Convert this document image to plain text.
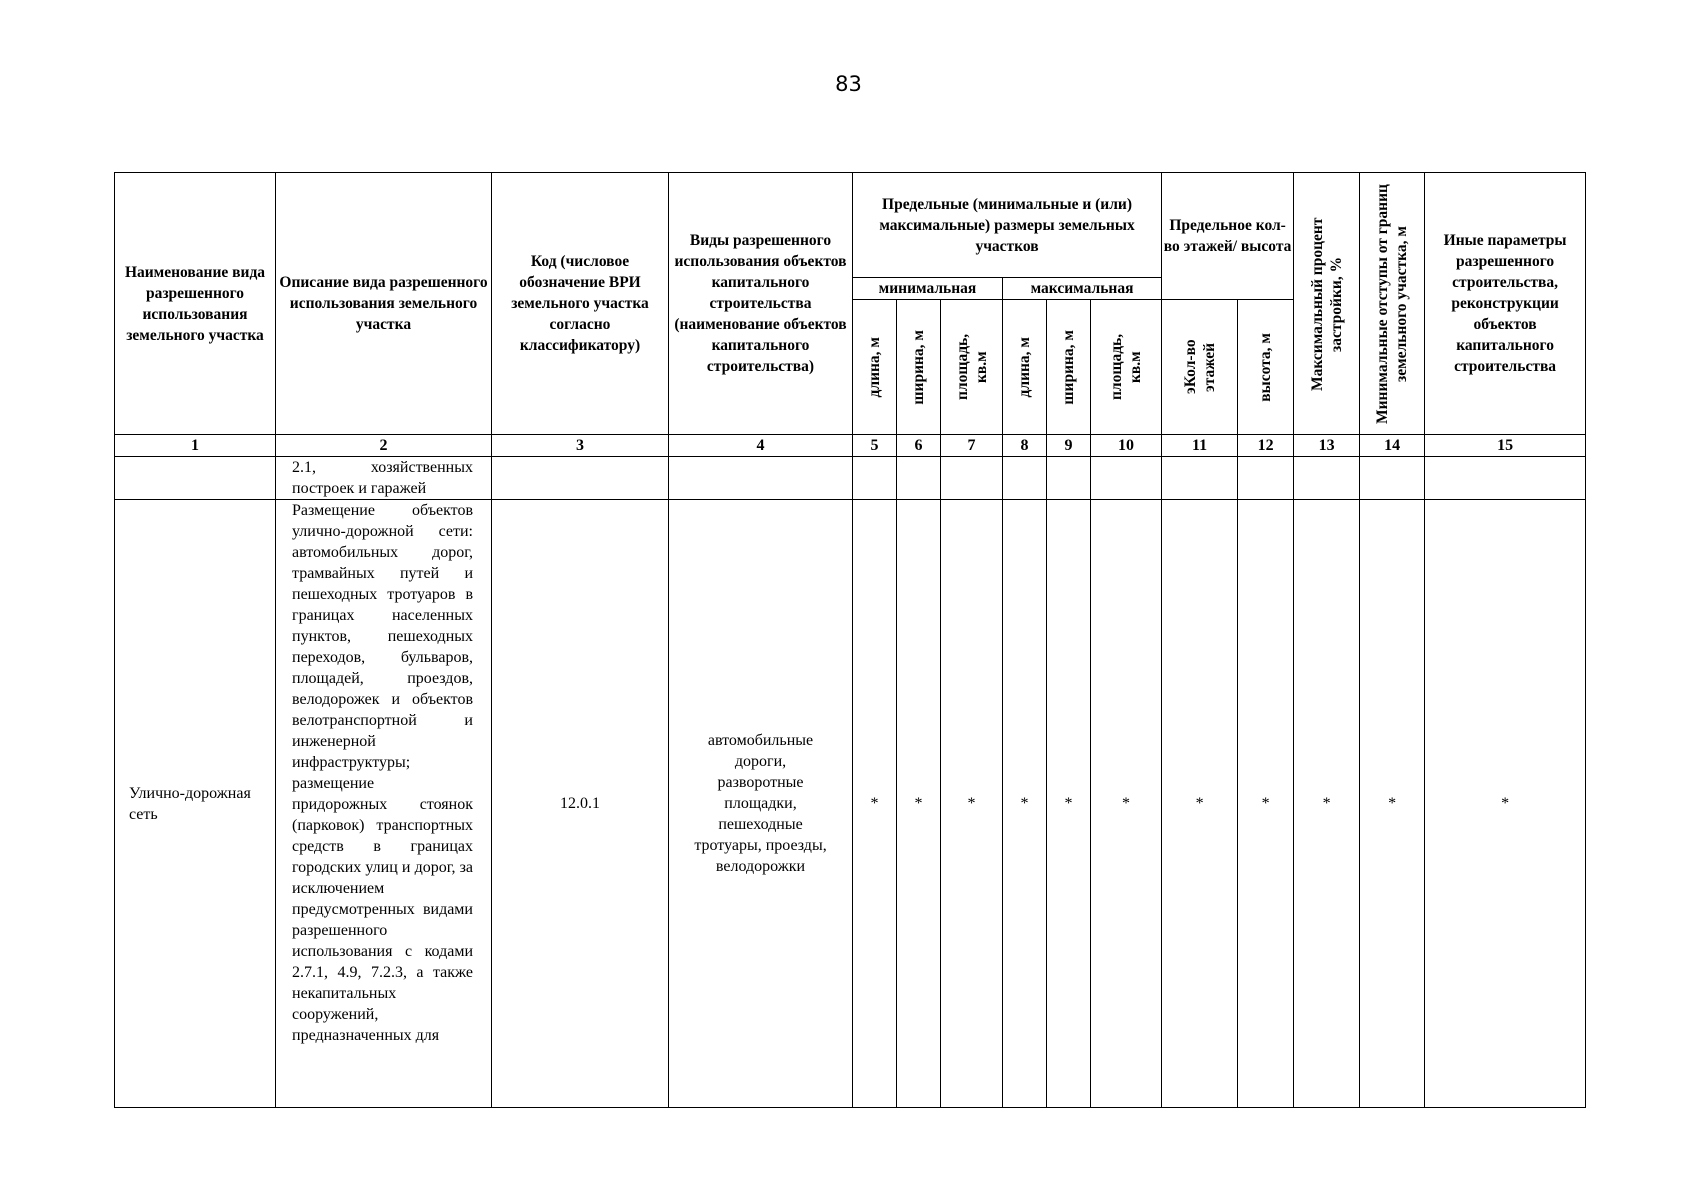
83
Наименование вида разрешенного использования земельного участка	Описание вида разрешенного использования земельного участка	Код (числовое обозначение ВРИ земельного участка согласно классификатору)	Виды разрешенного использования объектов капитального строительства (наименование объектов капитального строительства)	Предельные (минимальные и (или) максимальные) размеры земельных участков						Предельное кол-во этажей/ высота		Максимальный процент застройки, %	Минимальные отступы от границ земельного участка, м	Иные параметры разрешенного строительства, реконструкции объектов капитального строительства
				минимальная			максимальная							

				длина, м	ширина, м	площадь, кв.м	длина, м	ширина, м	площадь, кв.м	эКол-во этажей	высота, м			

1	2	3	4	5	6	7	8	9	10	11	12	13	14	15
	2.1, хозяйственных построек и гаражей													
Улично-дорожная сеть	Размещение объектов улично-дорожной сети: автомобильных дорог, трамвайных путей и пешеходных тротуаров в границах населенных пунктов, пешеходных переходов, бульваров, площадей, проездов, велодорожек и объектов велотранспортной и инженерной инфраструктуры; размещение придорожных стоянок (парковок) транспортных средств в границах городских улиц и дорог, за исключением предусмотренных видами разрешенного использования с кодами 2.7.1, 4.9, 7.2.3, а также некапитальных сооружений, предназначенных для	12.0.1	автомобильные дороги, разворотные площадки, пешеходные тротуары, проезды, велодорожки	*	*	*	*	*	*	*	*	*	*	*
